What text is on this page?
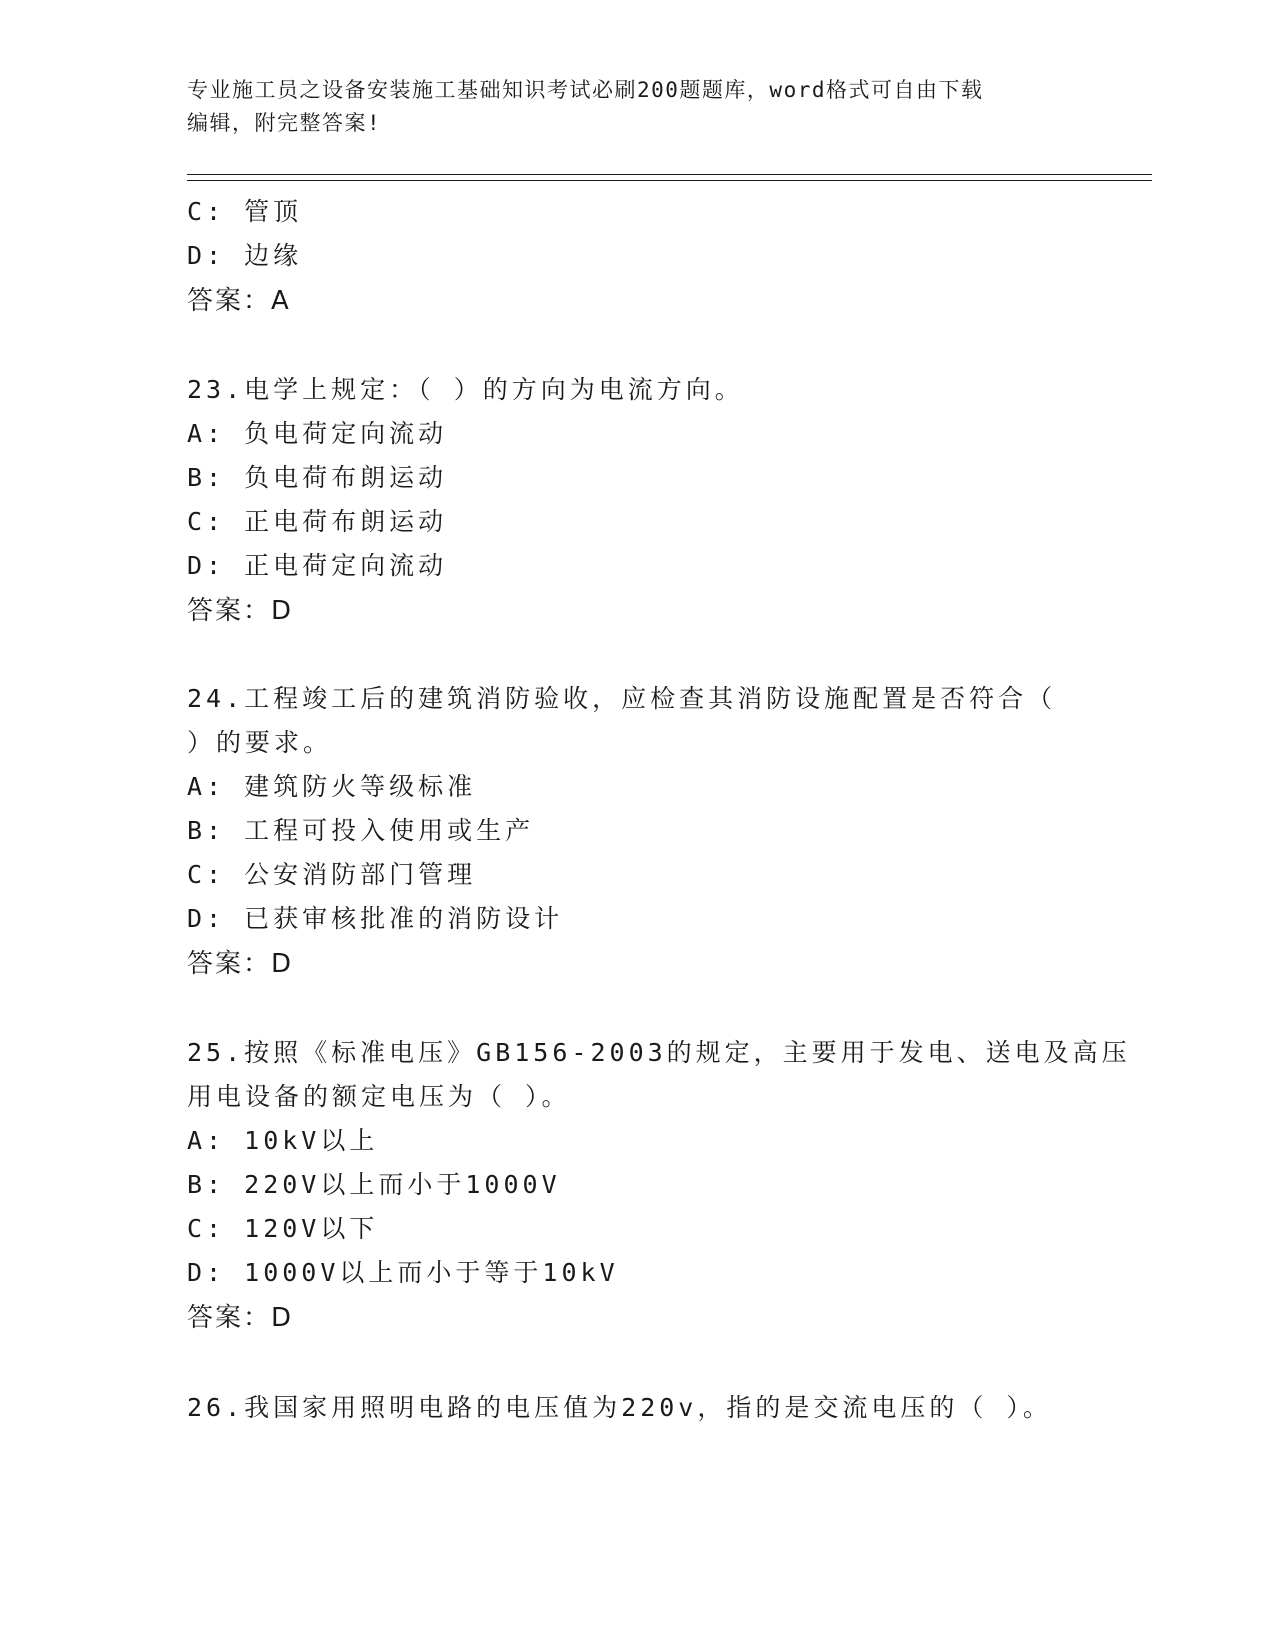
专业施工员之设备安装施工基础知识考试必刷200题题库，word格式可自由下载
编辑，附完整答案!
C: 管顶
D: 边缘
答案：A
23.电学上规定：（ ）的方向为电流方向。
A: 负电荷定向流动
B: 负电荷布朗运动
C: 正电荷布朗运动
D: 正电荷定向流动
答案：D
24.工程竣工后的建筑消防验收，应检查其消防设施配置是否符合（
）的要求。
A: 建筑防火等级标准
B: 工程可投入使用或生产
C: 公安消防部门管理
D: 已获审核批准的消防设计
答案：D
25.按照《标准电压》GB156-2003的规定，主要用于发电、送电及高压
用电设备的额定电压为（ ）。
A: 10kV以上
B: 220V以上而小于1000V
C: 120V以下
D: 1000V以上而小于等于10kV
答案：D
26.我国家用照明电路的电压值为220v，指的是交流电压的（ ）。
